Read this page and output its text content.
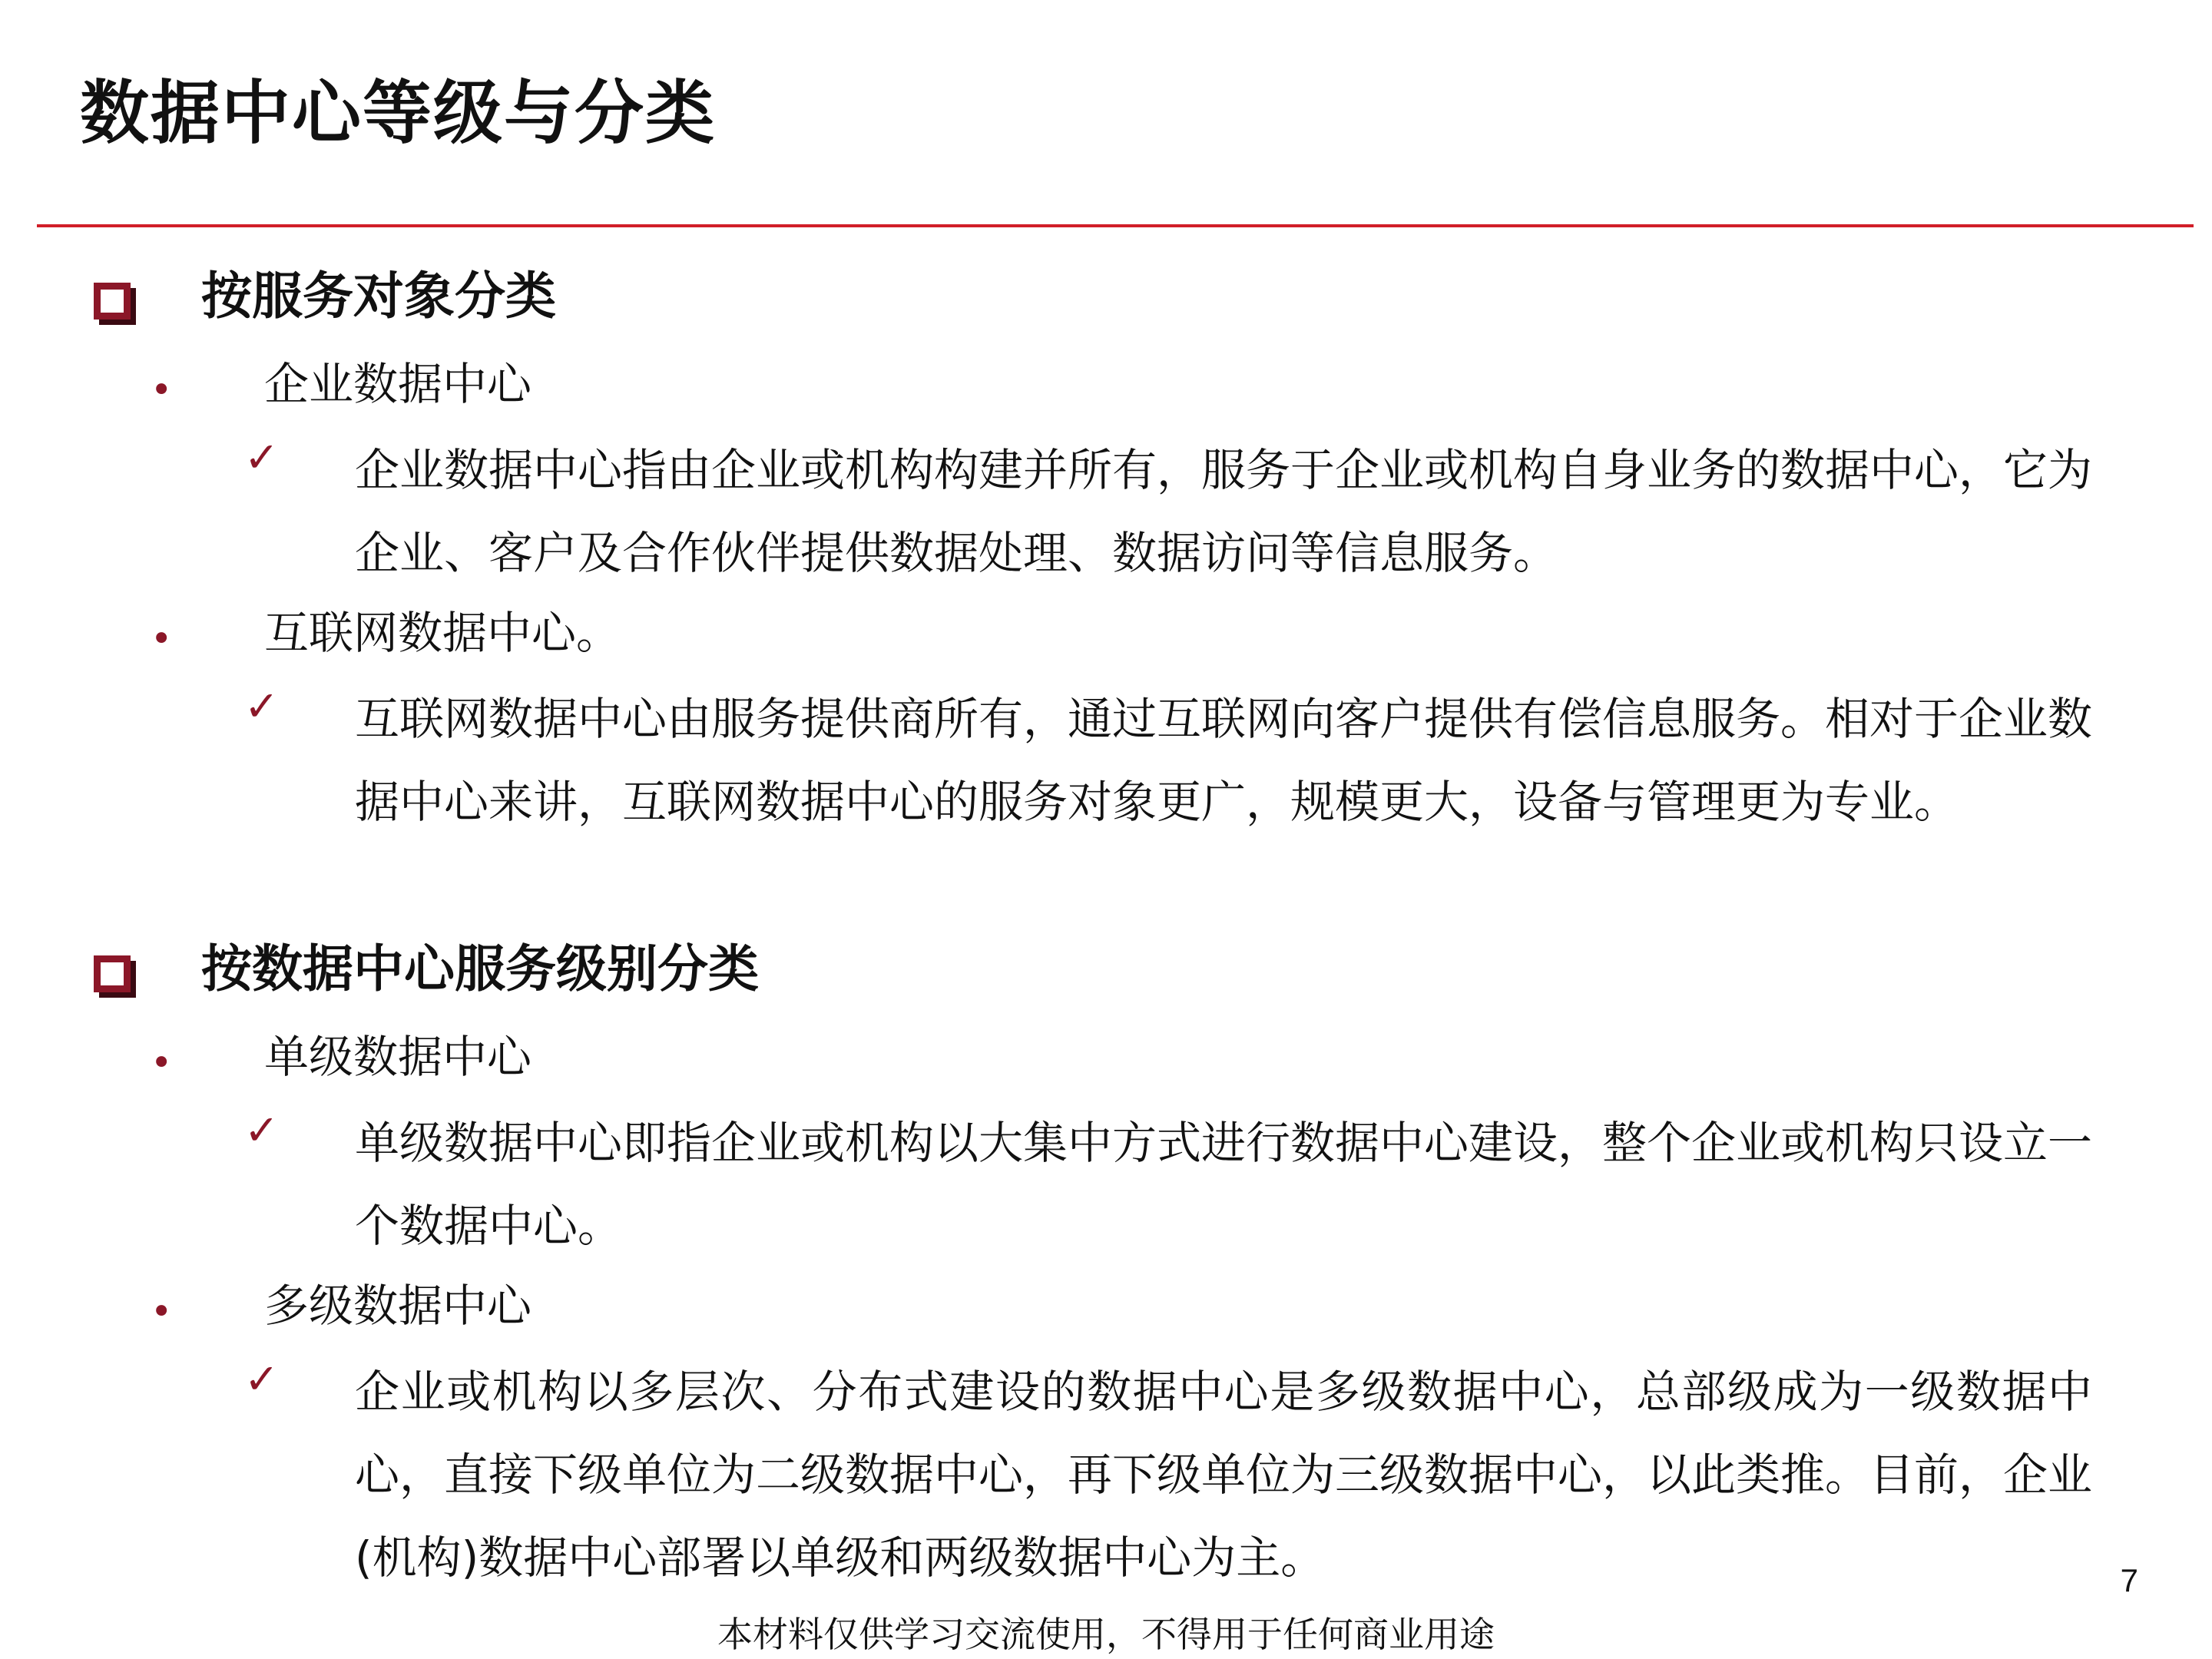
数据中心等级与分类
按服务对象分类
• 企业数据中心
✓ 企业数据中心指由企业或机构构建并所有，服务于企业或机构自身业务的数据中心，它为企业、客户及合作伙伴提供数据处理、数据访问等信息服务。
• 互联网数据中心。
✓ 互联网数据中心由服务提供商所有，通过互联网向客户提供有偿信息服务。相对于企业数据中心来讲，互联网数据中心的服务对象更广，规模更大，设备与管理更为专业。
按数据中心服务级别分类
• 单级数据中心
✓ 单级数据中心即指企业或机构以大集中方式进行数据中心建设，整个企业或机构只设立一个数据中心。
• 多级数据中心
✓ 企业或机构以多层次、分布式建设的数据中心是多级数据中心，总部级成为一级数据中心，直接下级单位为二级数据中心，再下级单位为三级数据中心，以此类推。目前，企业(机构)数据中心部署以单级和两级数据中心为主。	7
本材料仅供学习交流使用，不得用于任何商业用途
